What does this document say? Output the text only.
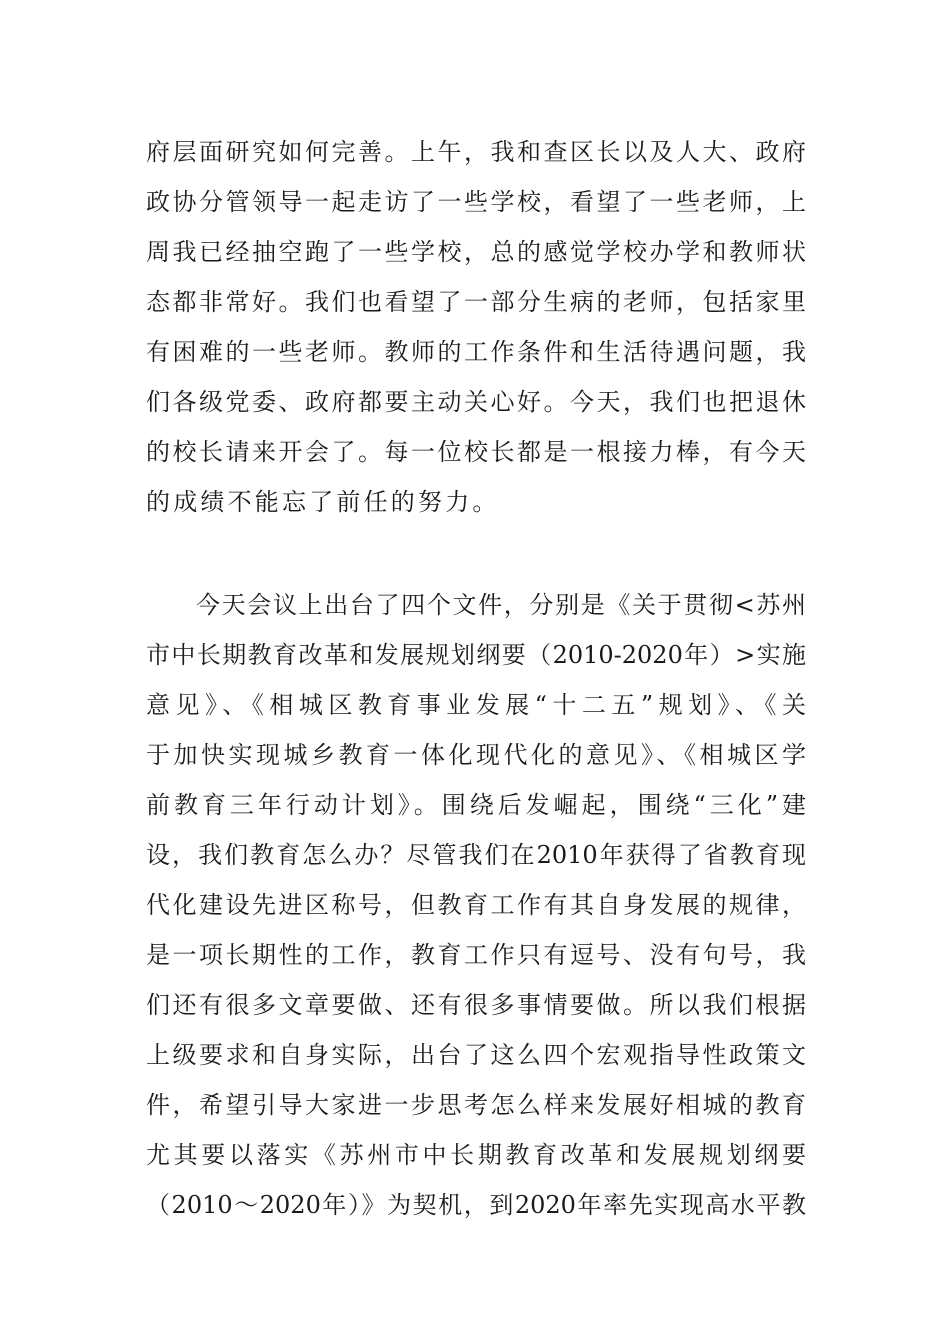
府层面研究如何完善。上午，我和查区长以及人大、政府
政协分管领导一起走访了一些学校，看望了一些老师，上
周我已经抽空跑了一些学校，总的感觉学校办学和教师状
态都非常好。我们也看望了一部分生病的老师，包括家里
有困难的一些老师。教师的工作条件和生活待遇问题，我
们各级党委、政府都要主动关心好。今天，我们也把退休
的校长请来开会了。每一位校长都是一根接力棒，有今天
的成绩不能忘了前任的努力。
今天会议上出台了四个文件，分别是《关于贯彻<苏州
市中长期教育改革和发展规划纲要（2010-2020年）>实施
意见》、《相城区教育事业发展“十二五”规划》、《关
于加快实现城乡教育一体化现代化的意见》、《相城区学
前教育三年行动计划》。围绕后发崛起，围绕“三化”建
设，我们教育怎么办？尽管我们在2010年获得了省教育现
代化建设先进区称号，但教育工作有其自身发展的规律，
是一项长期性的工作，教育工作只有逗号、没有句号，我
们还有很多文章要做、还有很多事情要做。所以我们根据
上级要求和自身实际，出台了这么四个宏观指导性政策文
件，希望引导大家进一步思考怎么样来发展好相城的教育
尤其要以落实《苏州市中长期教育改革和发展规划纲要
（2010～2020年）》为契机，到2020年率先实现高水平教
